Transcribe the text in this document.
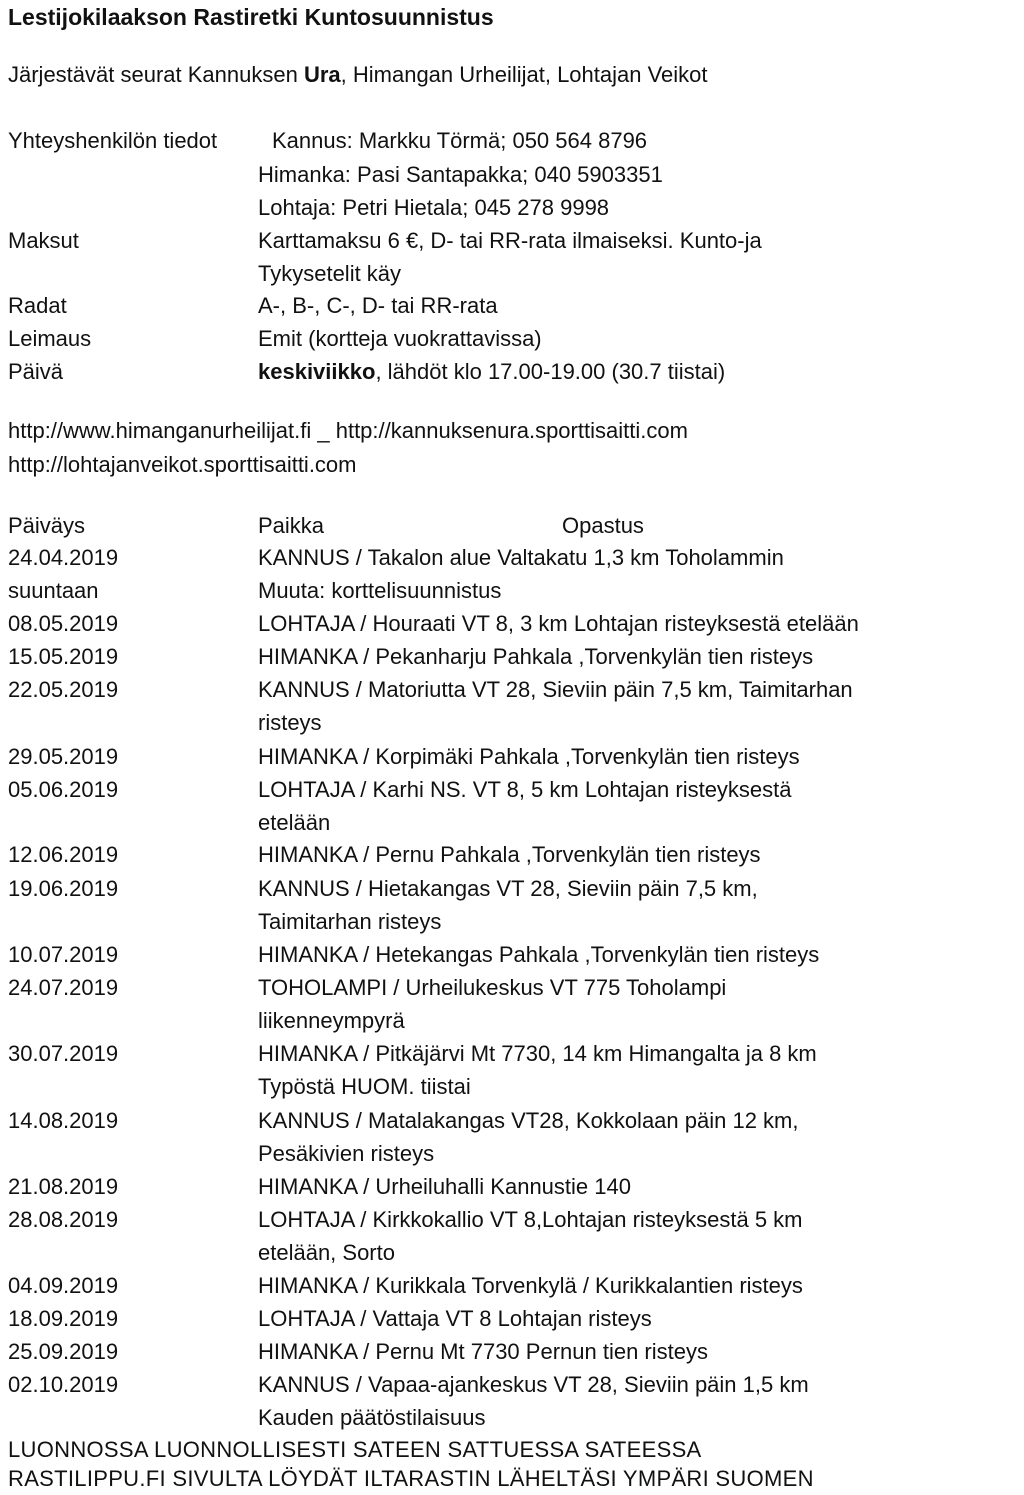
Lestijokilaakson Rastiretki Kuntosuunnistus
Järjestävät seurat Kannuksen Ura, Himangan Urheilijat, Lohtajan Veikot
Yhteyshenkilön tiedot Kannus: Markku Törmä; 050 564 8796
Himanka: Pasi Santapakka; 040 5903351
Lohtaja: Petri Hietala; 045 278 9998
Maksut	Karttamaksu 6 €, D- tai RR-rata ilmaiseksi. Kunto-ja
Tykysetelit käy
Radat	A-, B-, C-, D- tai RR-rata
Leimaus	Emit (kortteja vuokrattavissa)
Päivä	keskiviikko, lähdöt klo 17.00-19.00 (30.7 tiistai)
http://www.himanganurheilijat.fi _ http://kannuksenura.sporttisaitti.com
http://lohtajanveikot.sporttisaitti.com
Päiväys	Paikka	Opastus
24.04.2019	KANNUS / Takalon alue Valtakatu 1,3 km Toholammin
suuntaan	Muuta: korttelisuunnistus
08.05.2019	LOHTAJA / Houraati VT 8, 3 km Lohtajan risteyksestä etelään
15.05.2019	HIMANKA / Pekanharju Pahkala ,Torvenkylän tien risteys
22.05.2019	KANNUS / Matoriutta VT 28, Sieviin päin 7,5 km, Taimitarhan
risteys
29.05.2019	HIMANKA / Korpimäki Pahkala ,Torvenkylän tien risteys
05.06.2019	LOHTAJA / Karhi NS. VT 8, 5 km Lohtajan risteyksestä
etelään
12.06.2019	HIMANKA / Pernu Pahkala ,Torvenkylän tien risteys
19.06.2019	KANNUS / Hietakangas VT 28, Sieviin päin 7,5 km,
Taimitarhan risteys
10.07.2019	HIMANKA / Hetekangas Pahkala ,Torvenkylän tien risteys
24.07.2019	TOHOLAMPI / Urheilukeskus VT 775 Toholampi
liikenneympyrä
30.07.2019	HIMANKA / Pitkäjärvi Mt 7730, 14 km Himangalta ja 8 km
Typöstä HUOM. tiistai
14.08.2019	KANNUS / Matalakangas VT28, Kokkolaan päin 12 km,
Pesäkivien risteys
21.08.2019	HIMANKA / Urheiluhalli Kannustie 140
28.08.2019	LOHTAJA / Kirkkokallio VT 8,Lohtajan risteyksestä 5 km
etelään, Sorto
04.09.2019	HIMANKA / Kurikkala Torvenkylä / Kurikkalantien risteys
18.09.2019	LOHTAJA / Vattaja VT 8 Lohtajan risteys
25.09.2019	HIMANKA / Pernu Mt 7730 Pernun tien risteys
02.10.2019	KANNUS / Vapaa-ajankeskus VT 28, Sieviin päin 1,5 km
Kauden päätöstilaisuus
LUONNOSSA LUONNOLLISESTI SATEEN SATTUESSA SATEESSA
RASTILIPPU.FI SIVULTA LÖYDÄT ILTARASTIN LÄHELTÄSI YMPÄRI SUOMEN
